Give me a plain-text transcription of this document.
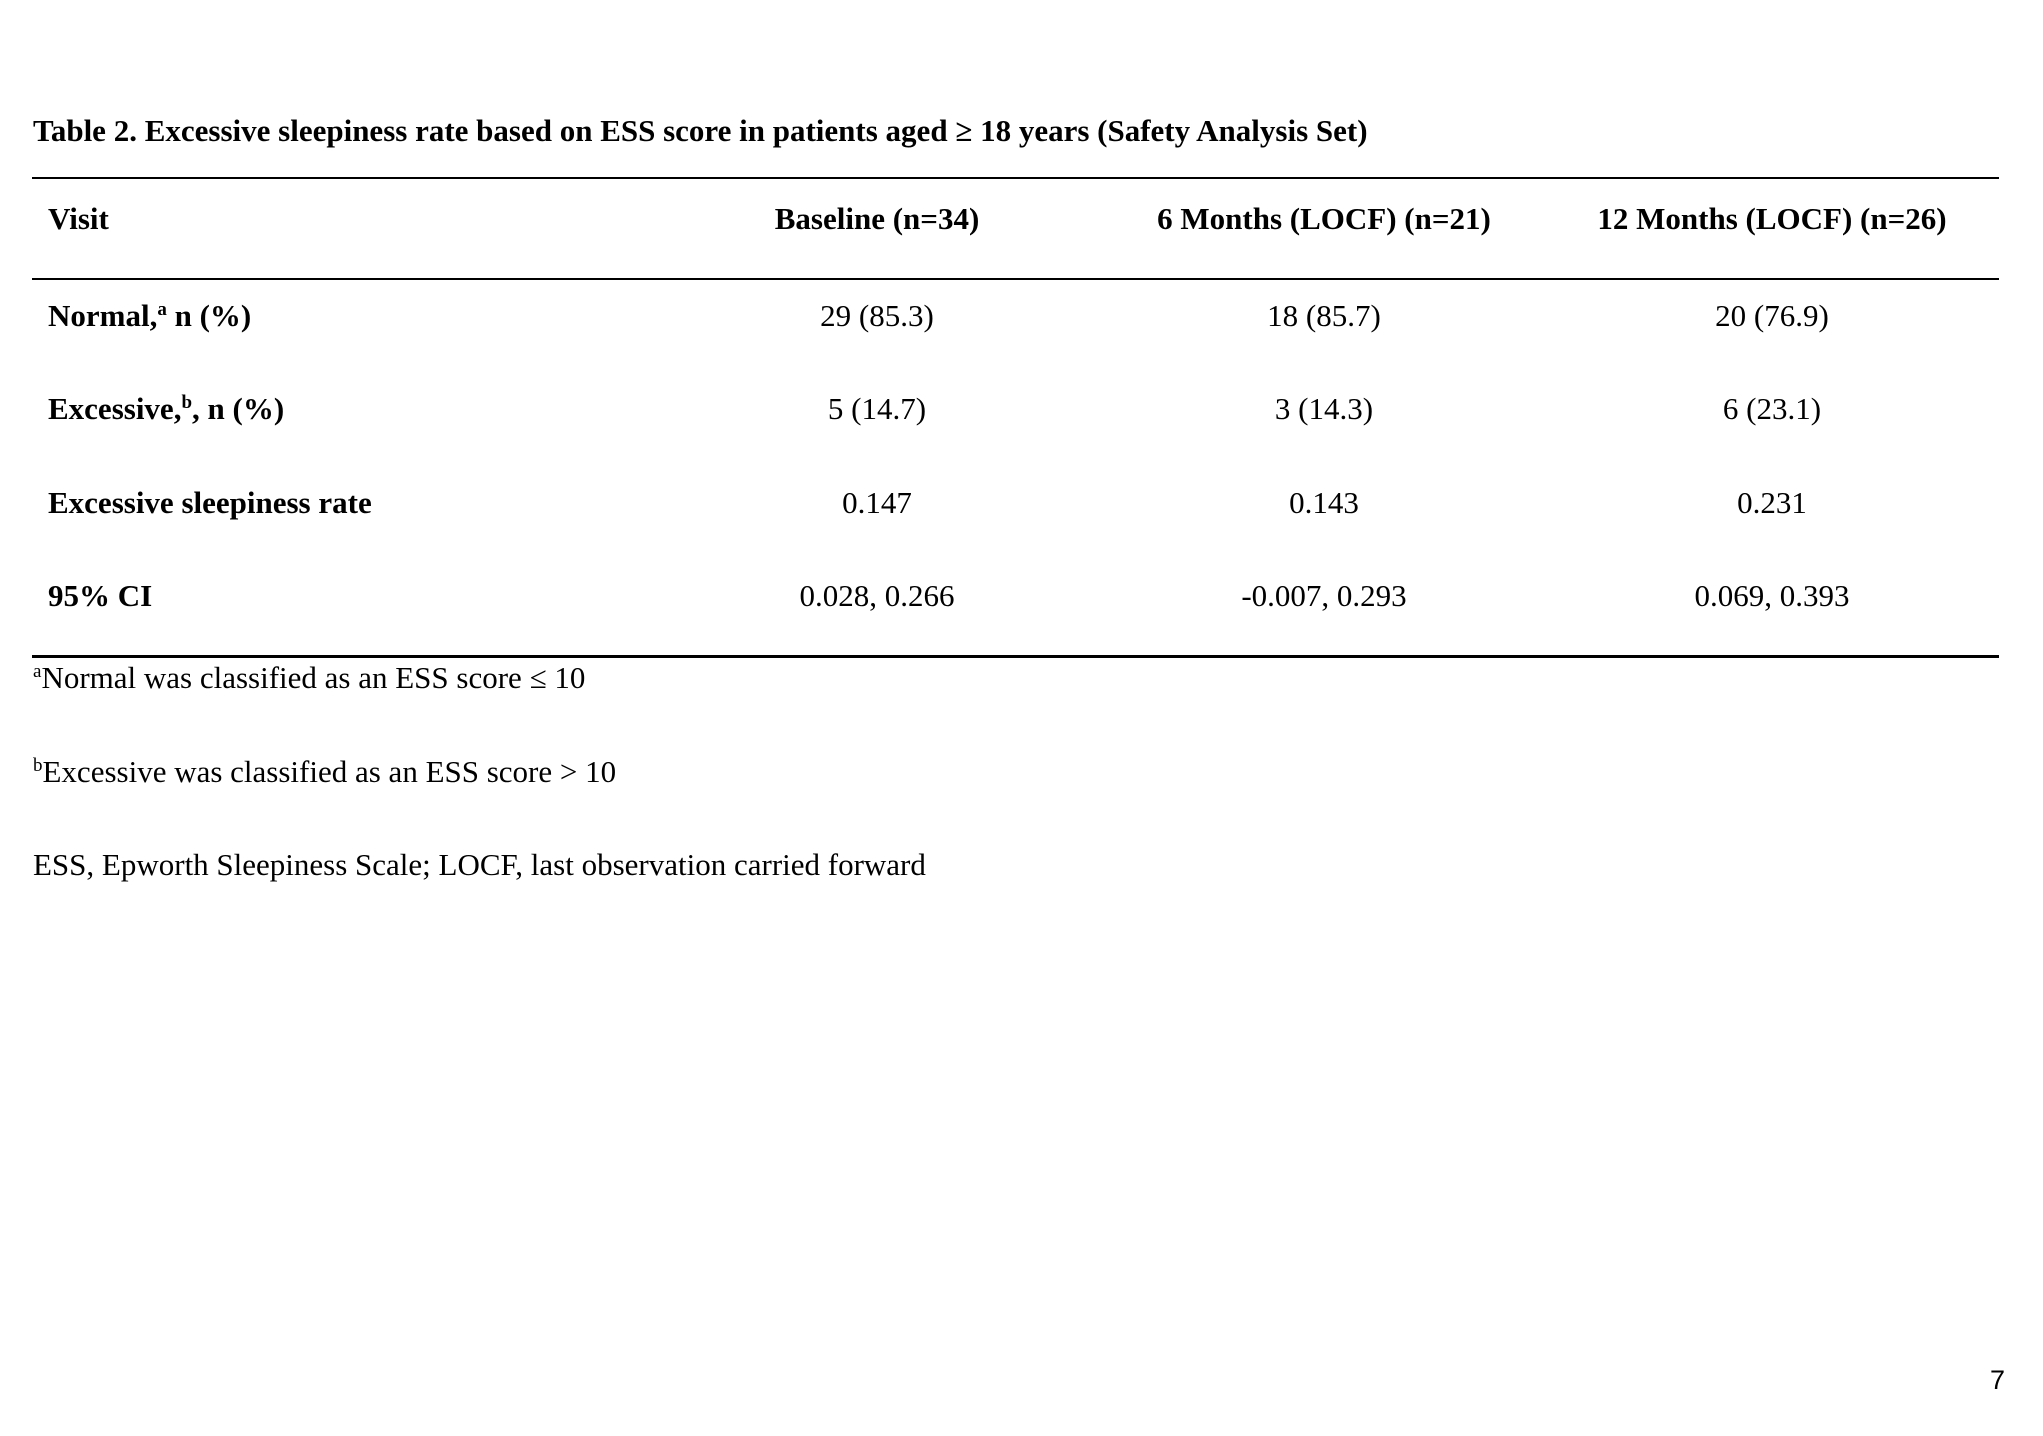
Table 2. Excessive sleepiness rate based on ESS score in patients aged ≥ 18 years (Safety Analysis Set)
Visit	Baseline (n=34)	6 Months (LOCF) (n=21)	12 Months (LOCF) (n=26)
Normal,$^a$ n (%)	29 (85.3)	18 (85.7)	20 (76.9)
Excessive,$^b$, n (%)	5 (14.7)	3 (14.3)	6 (23.1)
Excessive sleepiness rate	0.147	0.143	0.231
95% CI	0.028, 0.266	-0.007, 0.293	0.069, 0.393
$^a$Normal was classified as an ESS score ≤ 10
$^b$Excessive was classified as an ESS score > 10
ESS, Epworth Sleepiness Scale; LOCF, last observation carried forward
7
